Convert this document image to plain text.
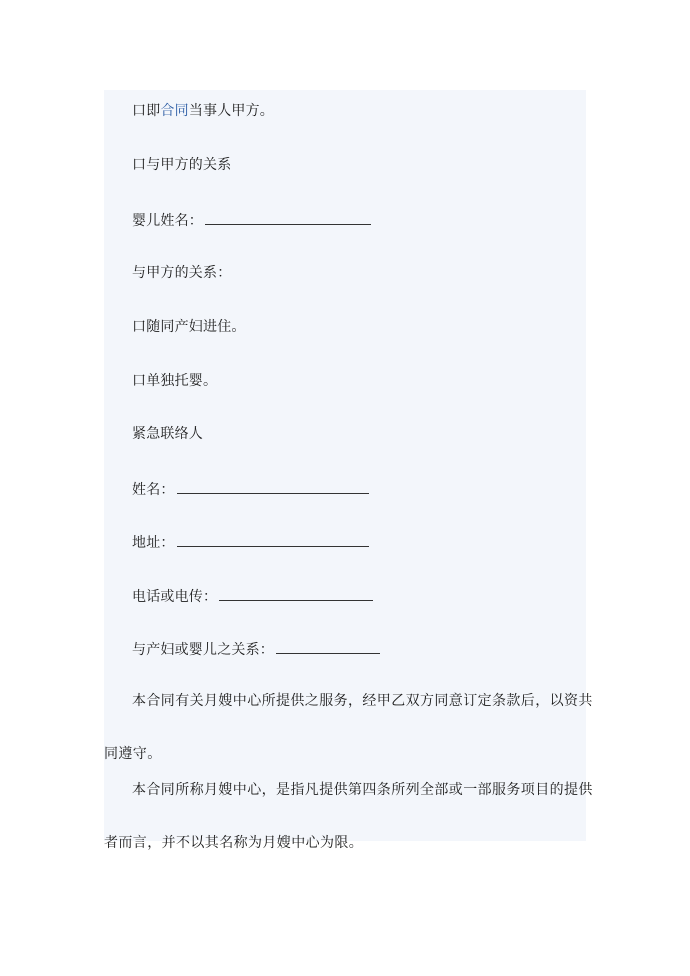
口即合同当事人甲方。
口与甲方的关系
婴儿姓名：
与甲方的关系：
口随同产妇进住。
口单独托婴。
紧急联络人
姓名：
地址：
电话或电传：
与产妇或婴儿之关系：
本合同有关月嫂中心所提供之服务，经甲乙双方同意订定条款后，以资共
同遵守。
本合同所称月嫂中心，是指凡提供第四条所列全部或一部服务项目的提供
者而言，并不以其名称为月嫂中心为限。
